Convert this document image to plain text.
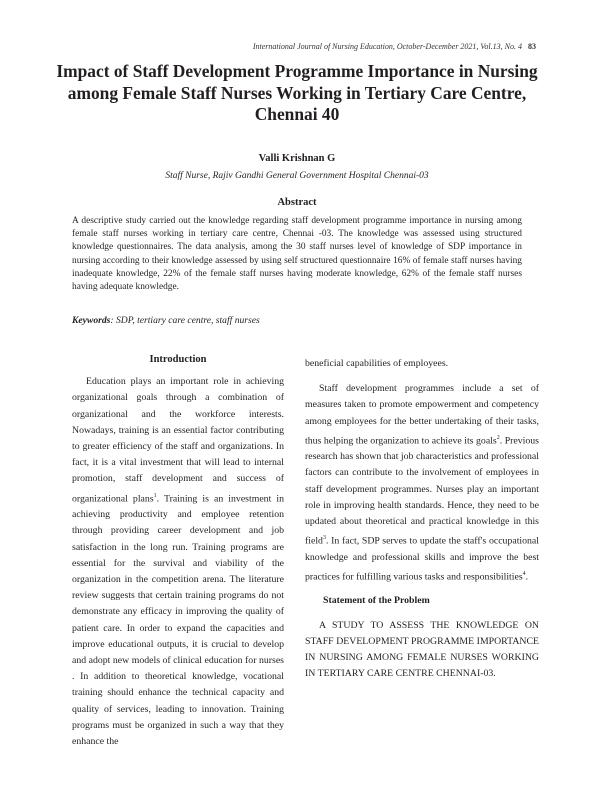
International Journal of Nursing Education, October-December 2021, Vol.13, No. 4 83
Impact of Staff Development Programme Importance in Nursing among Female Staff Nurses Working in Tertiary Care Centre, Chennai 40
Valli Krishnan G
Staff Nurse, Rajiv Gandhi General Government Hospital Chennai-03
Abstract

A descriptive study carried out the knowledge regarding staff development programme importance in nursing among female staff nurses working in tertiary care centre, Chennai -03. The knowledge was assessed using structured knowledge questionnaires. The data analysis, among the 30 staff nurses level of knowledge of SDP importance in nursing according to their knowledge assessed by using self structured questionnaire 16% of female staff nurses having inadequate knowledge, 22% of the female staff nurses having moderate knowledge, 62% of the female staff nurses having adequate knowledge.

Keywords: SDP, tertiary care centre, staff nurses
Introduction

Education plays an important role in achieving organizational goals through a combination of organizational and the workforce interests. Nowadays, training is an essential factor contributing to greater efficiency of the staff and organizations. In fact, it is a vital investment that will lead to internal promotion, staff development and success of organizational plans$^1$. Training is an investment in achieving productivity and employee retention through providing career development and job satisfaction in the long run. Training programs are essential for the survival and viability of the organization in the competition arena. The literature review suggests that certain training programs do not demonstrate any efficacy in improving the quality of patient care. In order to expand the capacities and improve educational outputs, it is crucial to develop and adopt new models of clinical education for nurses . In addition to theoretical knowledge, vocational training should enhance the technical capacity and quality of services, leading to innovation. Training programs must be organized in such a way that they enhance the

beneficial capabilities of employees.

Staff development programmes include a set of measures taken to promote empowerment and competency among employees for the better undertaking of their tasks, thus helping the organization to achieve its goals$^2$. Previous research has shown that job characteristics and professional factors can contribute to the involvement of employees in staff development programmes. Nurses play an important role in improving health standards. Hence, they need to be updated about theoretical and practical knowledge in this field$^3$. In fact, SDP serves to update the staff's occupational knowledge and professional skills and improve the best practices for fulfilling various tasks and responsibilities$^4$.

Statement of the Problem

A STUDY TO ASSESS THE KNOWLEDGE ON STAFF DEVELOPMENT PROGRAMME IMPORTANCE IN NURSING AMONG FEMALE NURSES WORKING IN TERTIARY CARE CENTRE CHENNAI-03.
